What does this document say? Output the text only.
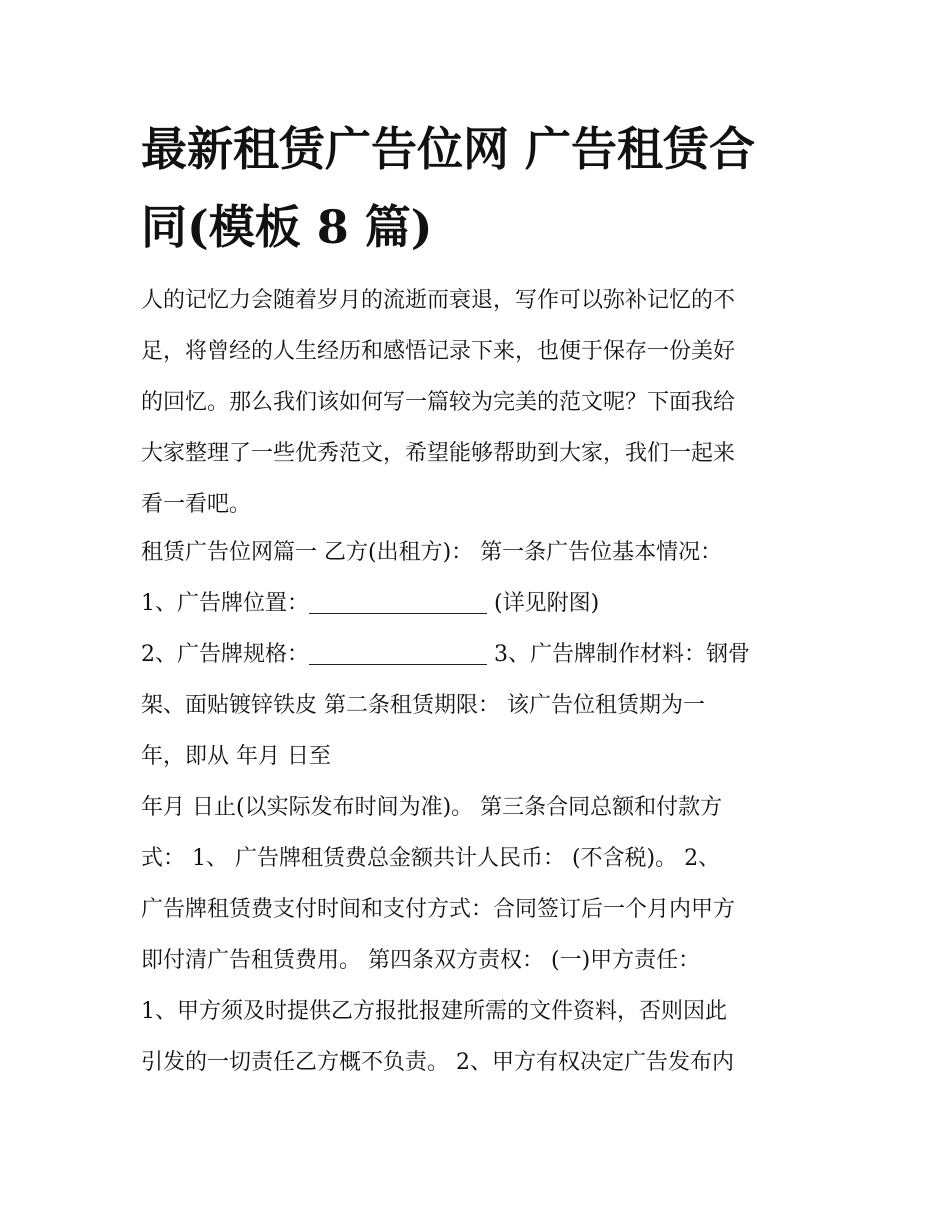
最新租赁广告位网 广告租赁合
同(模板 8 篇)
人的记忆力会随着岁月的流逝而衰退，写作可以弥补记忆的不
足，将曾经的人生经历和感悟记录下来，也便于保存一份美好
的回忆。那么我们该如何写一篇较为完美的范文呢？下面我给
大家整理了一些优秀范文，希望能够帮助到大家，我们一起来
看一看吧。
租赁广告位网篇一 乙方(出租方)： 第一条广告位基本情况：
1、广告牌位置：	(详见附图)
2、广告牌规格：	3、广告牌制作材料：钢骨
架、面贴镀锌铁皮 第二条租赁期限： 该广告位租赁期为一
年，即从 年月 日至
年月 日止(以实际发布时间为准)。 第三条合同总额和付款方
式： 1、 广告牌租赁费总金额共计人民币： (不含税)。 2、
广告牌租赁费支付时间和支付方式：合同签订后一个月内甲方
即付清广告租赁费用。 第四条双方责权： (一)甲方责任：
1、甲方须及时提供乙方报批报建所需的文件资料，否则因此
引发的一切责任乙方概不负责。 2、甲方有权决定广告发布内
